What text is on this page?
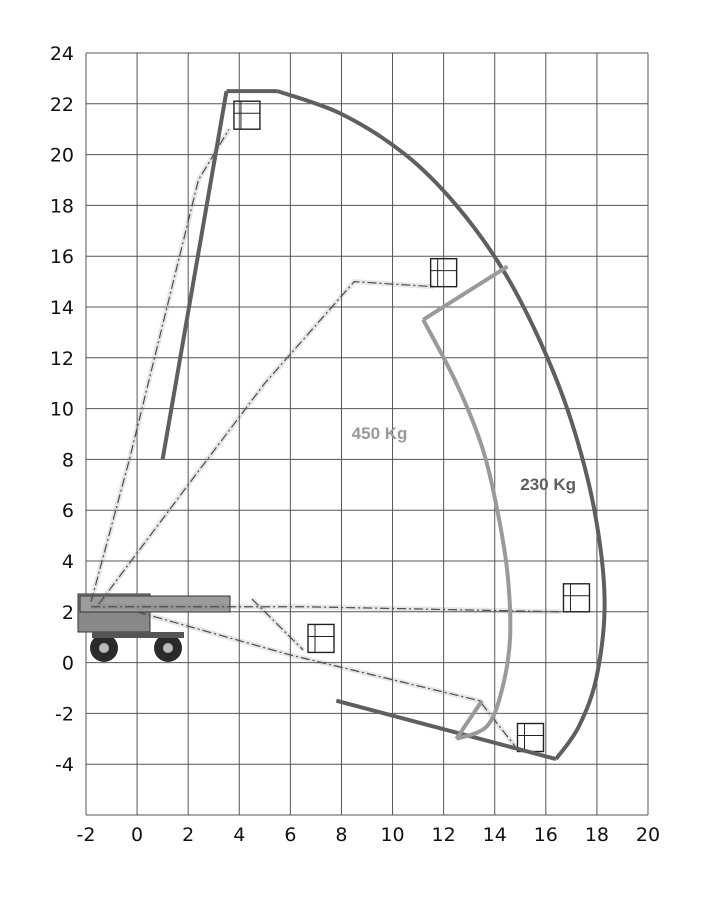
450 Kg
230 Kg
-2 0 2 4 6 8 10 12 14 16 18 20
24
22
20
18
16
14
12
10
8
6
4
2
0
-2
-4
